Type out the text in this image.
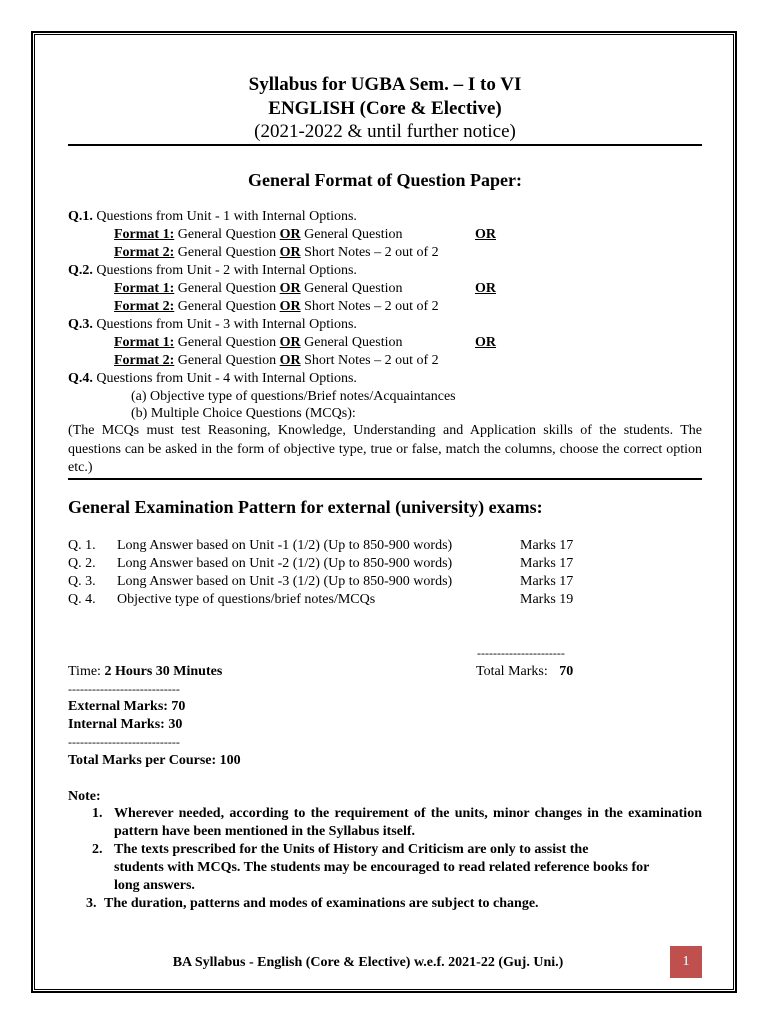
Syllabus for UGBA Sem. – I to VI
ENGLISH (Core & Elective)
(2021-2022 & until further notice)
General Format of Question Paper:
Q.1. Questions from Unit - 1 with Internal Options.
Format 1: General Question OR General Question	OR
Format 2: General Question OR Short Notes – 2 out of 2
Q.2. Questions from Unit - 2 with Internal Options.
Format 1: General Question OR General Question	OR
Format 2: General Question OR Short Notes – 2 out of 2
Q.3. Questions from Unit - 3 with Internal Options.
Format 1: General Question OR General Question	OR
Format 2: General Question OR Short Notes – 2 out of 2
Q.4. Questions from Unit - 4 with Internal Options.
(a) Objective type of questions/Brief notes/Acquaintances
(b) Multiple Choice Questions (MCQs):
(The MCQs must test Reasoning, Knowledge, Understanding and Application skills of the students. The questions can be asked in the form of objective type, true or false, match the columns, choose the correct option etc.)
General Examination Pattern for external (university) exams:
Q. 1. Long Answer based on Unit -1 (1/2) (Up to 850-900 words)	Marks 17
Q. 2. Long Answer based on Unit -2 (1/2) (Up to 850-900 words)	Marks 17
Q. 3. Long Answer based on Unit -3 (1/2) (Up to 850-900 words)	Marks 17
Q. 4. Objective type of questions/brief notes/MCQs	Marks 19
----------------------
Time: 2 Hours 30 Minutes	Total Marks: 70
----------------------------
External Marks: 70
Internal Marks: 30
----------------------------
Total Marks per Course: 100
Note:
1. Wherever needed, according to the requirement of the units, minor changes in the examination pattern have been mentioned in the Syllabus itself.
2. The texts prescribed for the Units of History and Criticism are only to assist the
students with MCQs. The students may be encouraged to read related reference books for
long answers.
3. The duration, patterns and modes of examinations are subject to change.
BA Syllabus - English (Core & Elective) w.e.f. 2021-22 (Guj. Uni.)	1
